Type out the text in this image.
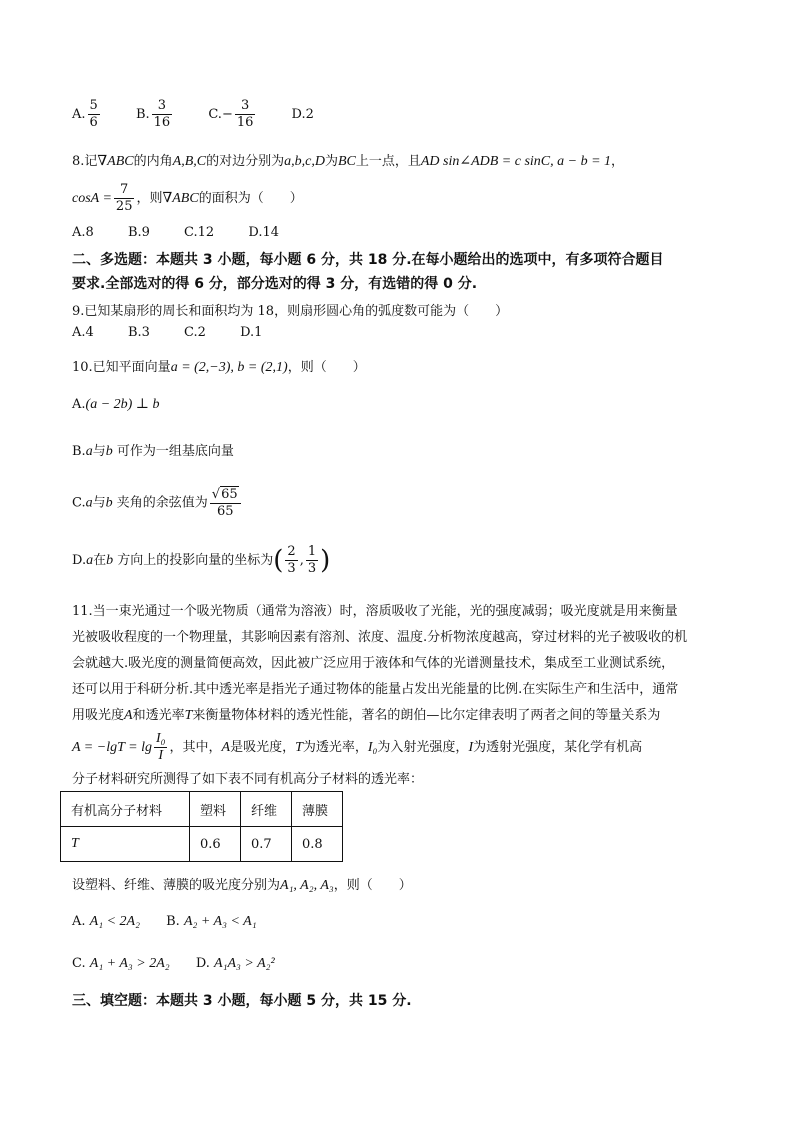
A. $\frac{5}{6}$	B. $\frac{3}{16}$	$C.- \frac{3}{16}$	D.2
8.记∇ABC的内角A,B,C的对边分别为a,b,c,D为BC上一点，且AD sin∠ADB = c sinC, a − b = 1，
$\cos A = \frac{7}{25}$ ，则∇ABC的面积为（　　）
A.8	B.9	C.12	D.14
二、多选题：本题共 3 小题，每小题 6 分，共 18 分.在每小题给出的选项中，有多项符合题目
要求.全部选对的得 6 分，部分选对的得 3 分，有选错的得 0 分.
9.已知某扇形的周长和面积均为 18，则扇形圆心角的弧度数可能为（　　）
A.4	B.3	C.2	D.1
10.已知平面向量a = (2,−3), b = (2,1)，则（　　）
A.(a − 2b) ⊥ b
B.a与b 可作为一组基底向量
C.a与b 夹角的余弦值为 $\frac{√65}{65}$
D.a在b 方向上的投影向量的坐标为( $\frac{2}{3}$ , $\frac{1}{3}$ )
11.当一束光通过一个吸光物质（通常为溶液）时，溶质吸收了光能，光的强度减弱；吸光度就是用来衡量
光被吸收程度的一个物理量，其影响因素有溶剂、浓度、温度.分析物浓度越高，穿过材料的光子被吸收的机
会就越大.吸光度的测量简便高效，因此被广泛应用于液体和气体的光谱测量技术，集成至工业测试系统，
还可以用于科研分析.其中透光率是指光子通过物体的能量占发出光能量的比例.在实际生产和生活中，通常
用吸光度A和透光率T来衡量物体材料的透光性能，著名的朗伯—比尔定律表明了两者之间的等量关系为
$A = -\lg T = \lg \frac{\text{I₀}}{I}$ ，其中，A是吸光度，T为透光率，I₀为入射光强度，I为透射光强度，某化学有机高
分子材料研究所测得了如下表不同有机高分子材料的透光率：
有机高分子材料	塑料	纤维	薄膜
T	0.6	0.7	0.8
设塑料、纤维、薄膜的吸光度分别为A₁, A₂, A₃，则（　　）
A. A₁ < 2A₂ B. A₂ + A₃ < A₁
C. A₁ + A₃ > 2A₂ D. A₁A₃ > A₂²
三、填空题：本题共 3 小题，每小题 5 分，共 15 分.
